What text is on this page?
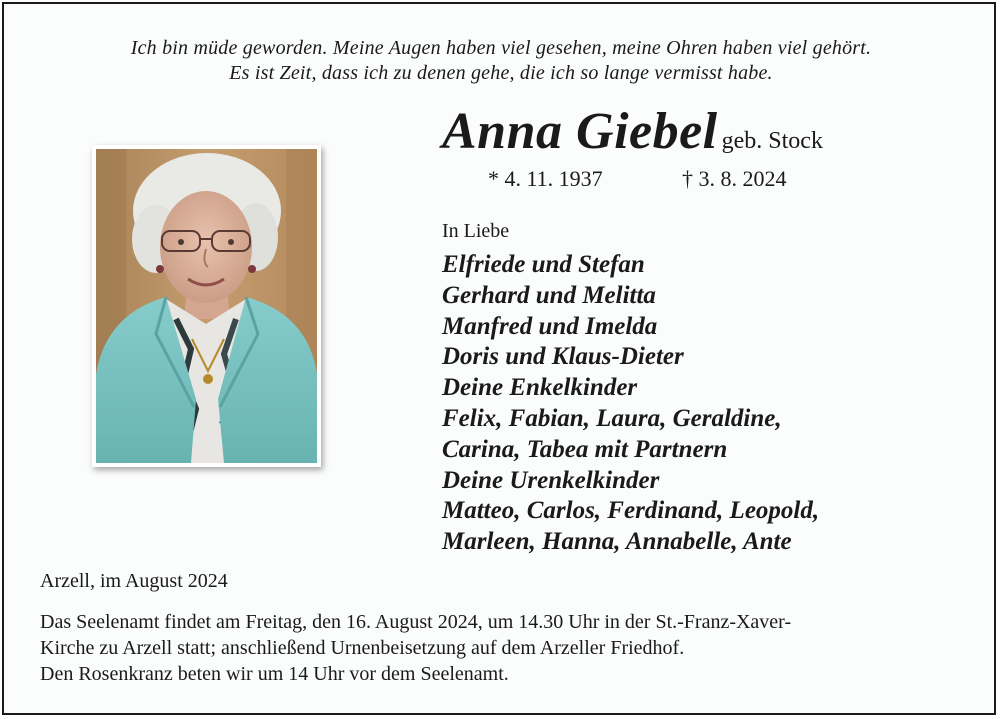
Ich bin müde geworden. Meine Augen haben viel gesehen, meine Ohren haben viel gehört.
Es ist Zeit, dass ich zu denen gehe, die ich so lange vermisst habe.
Anna Giebel geb. Stock
* 4. 11. 1937	† 3. 8. 2024
In Liebe
Elfriede und Stefan
Gerhard und Melitta
Manfred und Imelda
Doris und Klaus-Dieter
Deine Enkelkinder
Felix, Fabian, Laura, Geraldine,
Carina, Tabea mit Partnern
Deine Urenkelkinder
Matteo, Carlos, Ferdinand, Leopold,
Marleen, Hanna, Annabelle, Ante
Arzell, im August 2024
Das Seelenamt findet am Freitag, den 16. August 2024, um 14.30 Uhr in der St.-Franz-Xaver-
Kirche zu Arzell statt; anschließend Urnenbeisetzung auf dem Arzeller Friedhof.
Den Rosenkranz beten wir um 14 Uhr vor dem Seelenamt.
